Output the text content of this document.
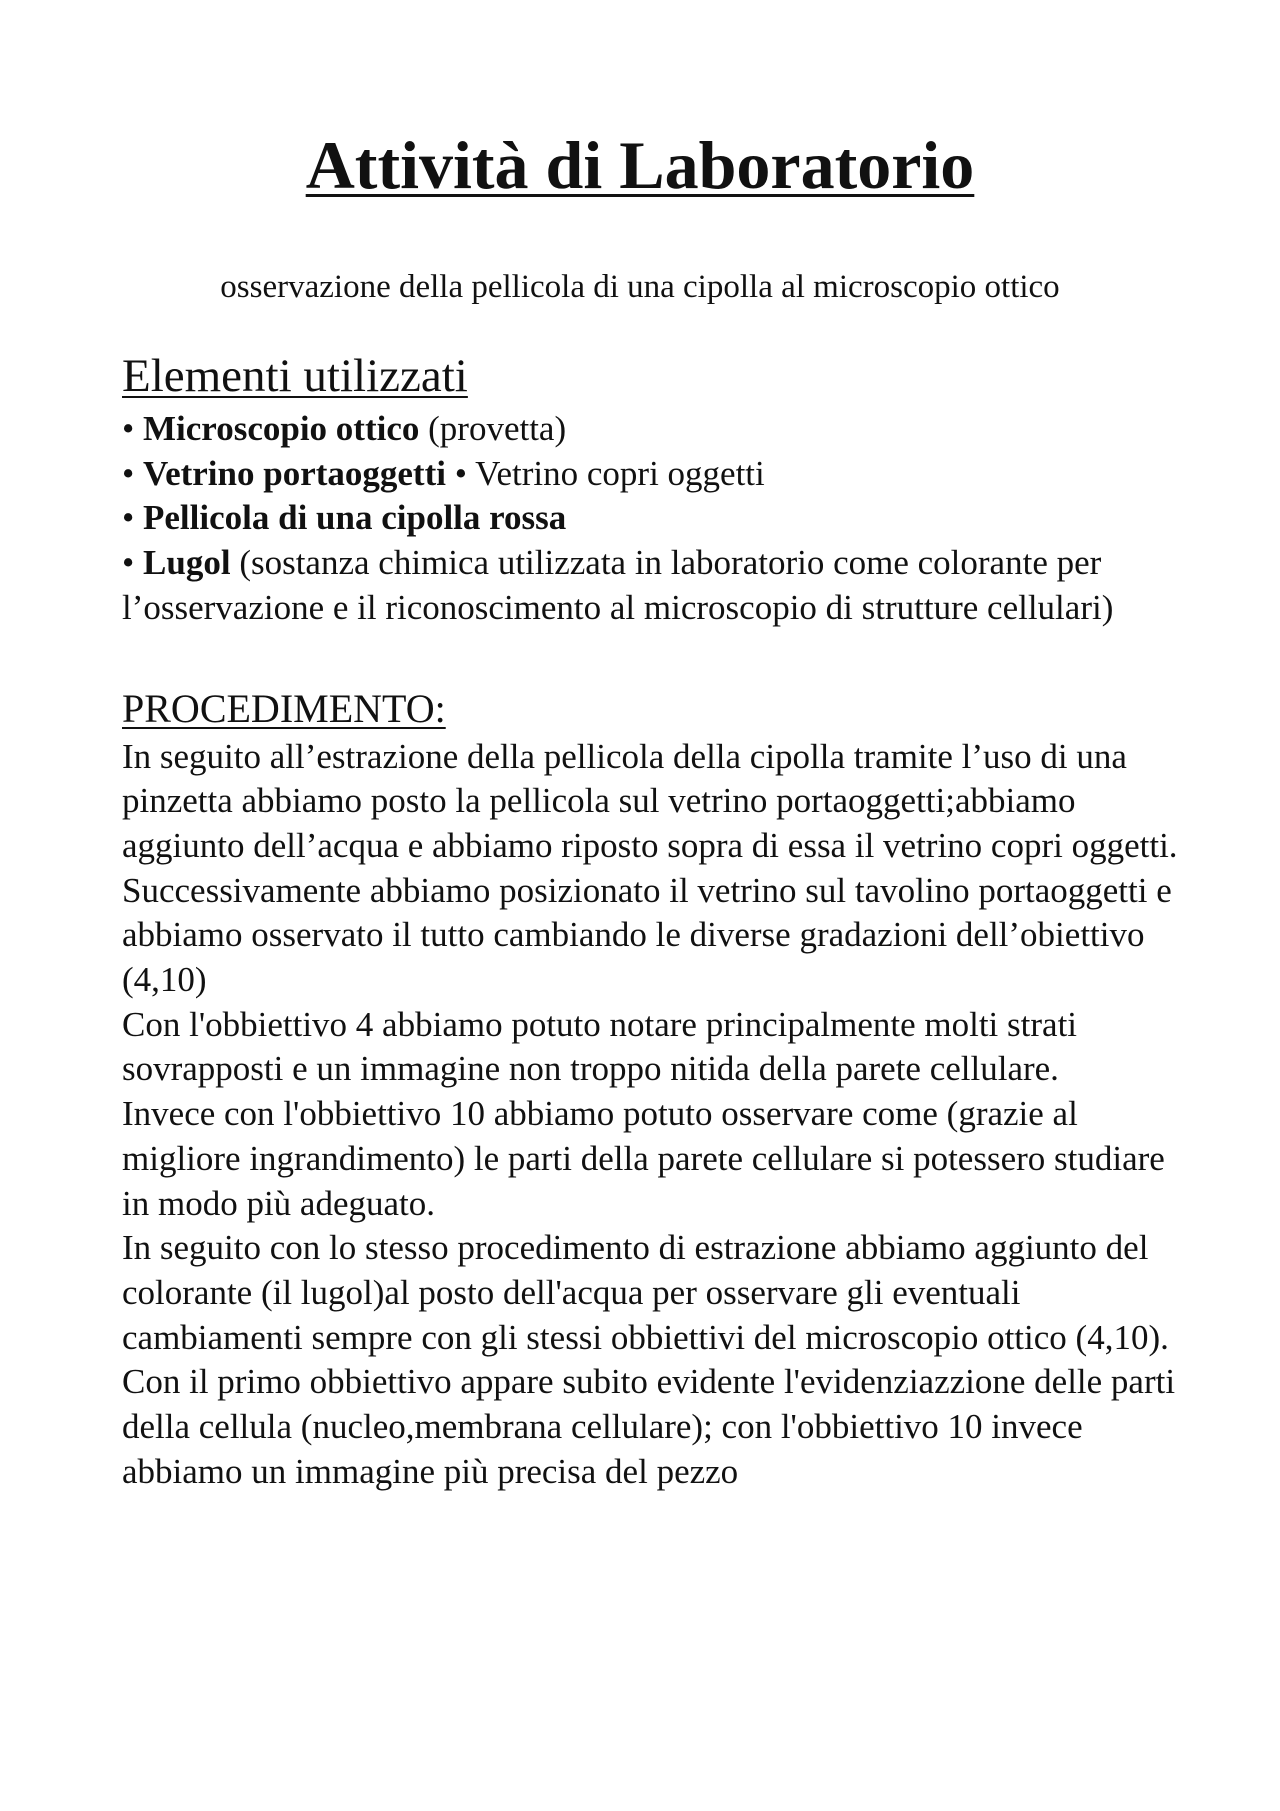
Attività di Laboratorio
osservazione della pellicola di una cipolla al microscopio ottico
Elementi utilizzati
• Microscopio ottico (provetta)
• Vetrino portaoggetti • Vetrino copri oggetti
• Pellicola di una cipolla rossa
• Lugol (sostanza chimica utilizzata in laboratorio come colorante per l’osservazione e il riconoscimento al microscopio di strutture cellulari)
PROCEDIMENTO:
In seguito all’estrazione della pellicola della cipolla tramite l’uso di una pinzetta abbiamo posto la pellicola sul vetrino portaoggetti;abbiamo aggiunto dell’acqua e abbiamo riposto sopra di essa il vetrino copri oggetti. Successivamente abbiamo posizionato il vetrino sul tavolino portaoggetti e abbiamo osservato il tutto cambiando le diverse gradazioni dell’obiettivo (4,10)
Con l'obbiettivo 4 abbiamo potuto notare principalmente molti strati sovrapposti e un immagine non troppo nitida della parete cellulare.
Invece con l'obbiettivo 10 abbiamo potuto osservare come (grazie al migliore ingrandimento) le parti della parete cellulare si potessero studiare in modo più adeguato.
In seguito con lo stesso procedimento di estrazione abbiamo aggiunto del colorante (il lugol)al posto dell'acqua per osservare gli eventuali cambiamenti sempre con gli stessi obbiettivi del microscopio ottico (4,10).
Con il primo obbiettivo appare subito evidente l'evidenziazzione delle parti della cellula (nucleo,membrana cellulare); con l'obbiettivo 10 invece abbiamo un immagine più precisa del pezzo
